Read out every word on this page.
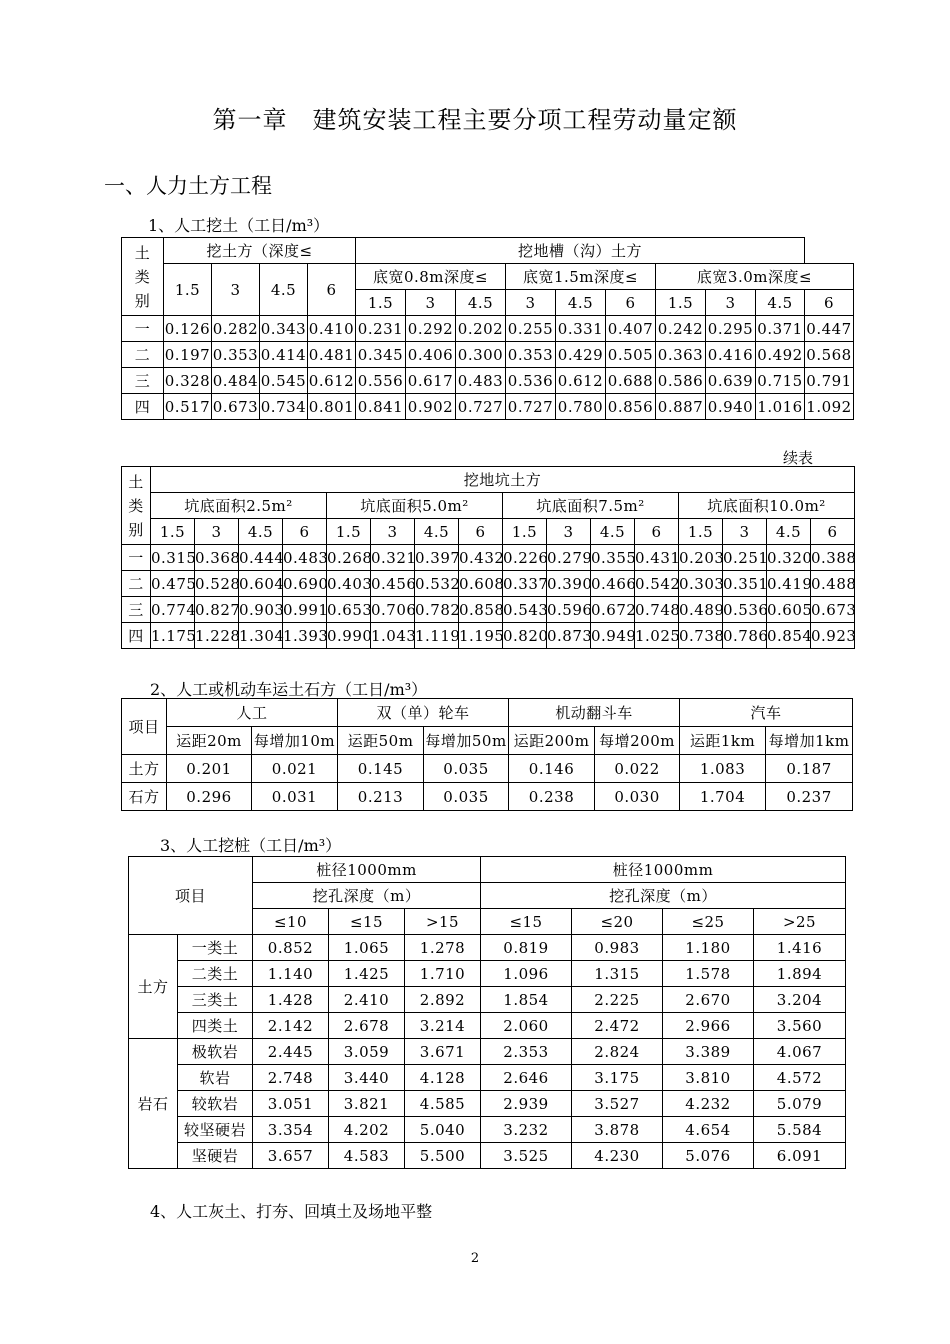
第一章　建筑安装工程主要分项工程劳动量定额
一、人力土方工程
1、人工挖土（工日/m³）
土
类
别	挖土方（深度≤				挖地槽（沟）土方									
	1.5	3	4.5	6	底宽0.8m深度≤			底宽1.5m深度≤			底宽3.0m深度≤			
					1.5	3	4.5	3	4.5	6	1.5	3	4.5	6
一	0.126	0.282	0.343	0.410	0.231	0.292	0.202	0.255	0.331	0.407	0.242	0.295	0.371	0.447
二	0.197	0.353	0.414	0.481	0.345	0.406	0.300	0.353	0.429	0.505	0.363	0.416	0.492	0.568
三	0.328	0.484	0.545	0.612	0.556	0.617	0.483	0.536	0.612	0.688	0.586	0.639	0.715	0.791
四	0.517	0.673	0.734	0.801	0.841	0.902	0.727	0.727	0.780	0.856	0.887	0.940	1.016	1.092
续表
土
类
别	挖地坑土方															
	坑底面积2.5m²				坑底面积5.0m²				坑底面积7.5m²				坑底面积10.0m²			
	1.5	3	4.5	6	1.5	3	4.5	6	1.5	3	4.5	6	1.5	3	4.5	6
一	0.315	0.368	0.444	0.483	0.268	0.321	0.397	0.432	0.226	0.279	0.355	0.431	0.203	0.251	0.320	0.388
二	0.475	0.528	0.604	0.690	0.403	0.456	0.532	0.608	0.337	0.390	0.466	0.542	0.303	0.351	0.419	0.488
三	0.774	0.827	0.903	0.991	0.653	0.706	0.782	0.858	0.543	0.596	0.672	0.748	0.489	0.536	0.605	0.673
四	1.175	1.228	1.304	1.393	0.990	1.043	1.119	1.195	0.820	0.873	0.949	1.025	0.738	0.786	0.854	0.923
2、人工或机动车运土石方（工日/m³）
项目	人工		双（单）轮车		机动翻斗车		汽车	
	运距20m	每增加10m	运距50m	每增加50m	运距200m	每增200m	运距1km	每增加1km
土方	0.201	0.021	0.145	0.035	0.146	0.022	1.083	0.187
石方	0.296	0.031	0.213	0.035	0.238	0.030	1.704	0.237
3、人工挖桩（工日/m³）
项目		桩径1000mm			桩径1000mm			
		挖孔深度（m）			挖孔深度（m）			
		≤10	≤15	>15	≤15	≤20	≤25	>25
土方	一类土	0.852	1.065	1.278	0.819	0.983	1.180	1.416
	二类土	1.140	1.425	1.710	1.096	1.315	1.578	1.894
	三类土	1.428	2.410	2.892	1.854	2.225	2.670	3.204
	四类土	2.142	2.678	3.214	2.060	2.472	2.966	3.560
岩石	极软岩	2.445	3.059	3.671	2.353	2.824	3.389	4.067
	软岩	2.748	3.440	4.128	2.646	3.175	3.810	4.572
	较软岩	3.051	3.821	4.585	2.939	3.527	4.232	5.079
	较坚硬岩	3.354	4.202	5.040	3.232	3.878	4.654	5.584
	坚硬岩	3.657	4.583	5.500	3.525	4.230	5.076	6.091
4、人工灰土、打夯、回填土及场地平整
2
